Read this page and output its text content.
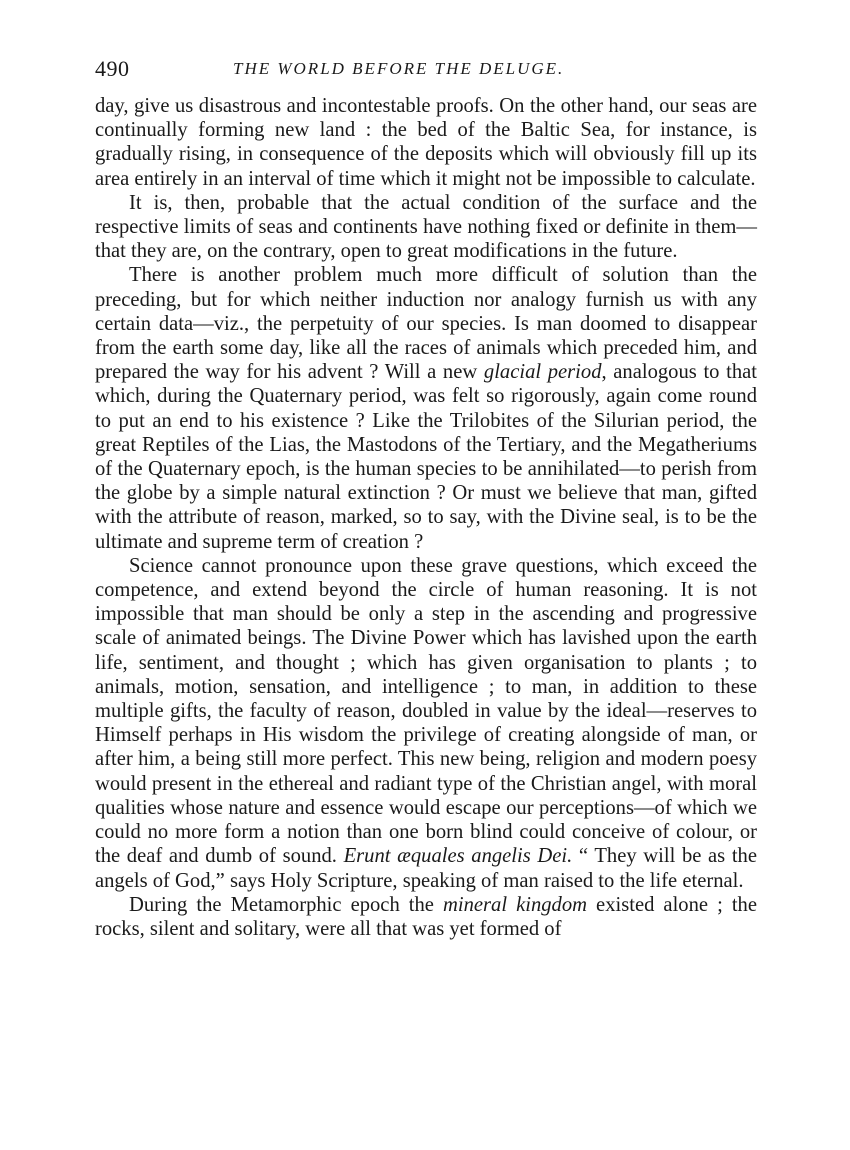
490	THE WORLD BEFORE THE DELUGE.

day, give us disastrous and incontestable proofs. On the other hand, our seas are continually forming new land : the bed of the Baltic Sea, for instance, is gradually rising, in consequence of the deposits which will obviously fill up its area entirely in an interval of time which it might not be impossible to calculate.

It is, then, probable that the actual condition of the surface and the respective limits of seas and continents have nothing fixed or definite in them—that they are, on the contrary, open to great modifications in the future.

There is another problem much more difficult of solution than the preceding, but for which neither induction nor analogy furnish us with any certain data—viz., the perpetuity of our species. Is man doomed to disappear from the earth some day, like all the races of animals which preceded him, and prepared the way for his advent ? Will a new glacial period, analogous to that which, during the Quaternary period, was felt so rigorously, again come round to put an end to his existence ? Like the Trilobites of the Silurian period, the great Reptiles of the Lias, the Mastodons of the Tertiary, and the Megatheriums of the Quaternary epoch, is the human species to be annihilated—to perish from the globe by a simple natural extinction ? Or must we believe that man, gifted with the attribute of reason, marked, so to say, with the Divine seal, is to be the ultimate and supreme term of creation ?

Science cannot pronounce upon these grave questions, which exceed the competence, and extend beyond the circle of human reasoning. It is not impossible that man should be only a step in the ascending and progressive scale of animated beings. The Divine Power which has lavished upon the earth life, sentiment, and thought ; which has given organisation to plants ; to animals, motion, sensation, and intelligence ; to man, in addition to these multiple gifts, the faculty of reason, doubled in value by the ideal—reserves to Himself perhaps in His wisdom the privilege of creating alongside of man, or after him, a being still more perfect. This new being, religion and modern poesy would present in the ethereal and radiant type of the Christian angel, with moral qualities whose nature and essence would escape our perceptions—of which we could no more form a notion than one born blind could conceive of colour, or the deaf and dumb of sound. Erunt æquales angelis Dei. “ They will be as the angels of God,” says Holy Scripture, speaking of man raised to the life eternal.

During the Metamorphic epoch the mineral kingdom existed alone ; the rocks, silent and solitary, were all that was yet formed of
